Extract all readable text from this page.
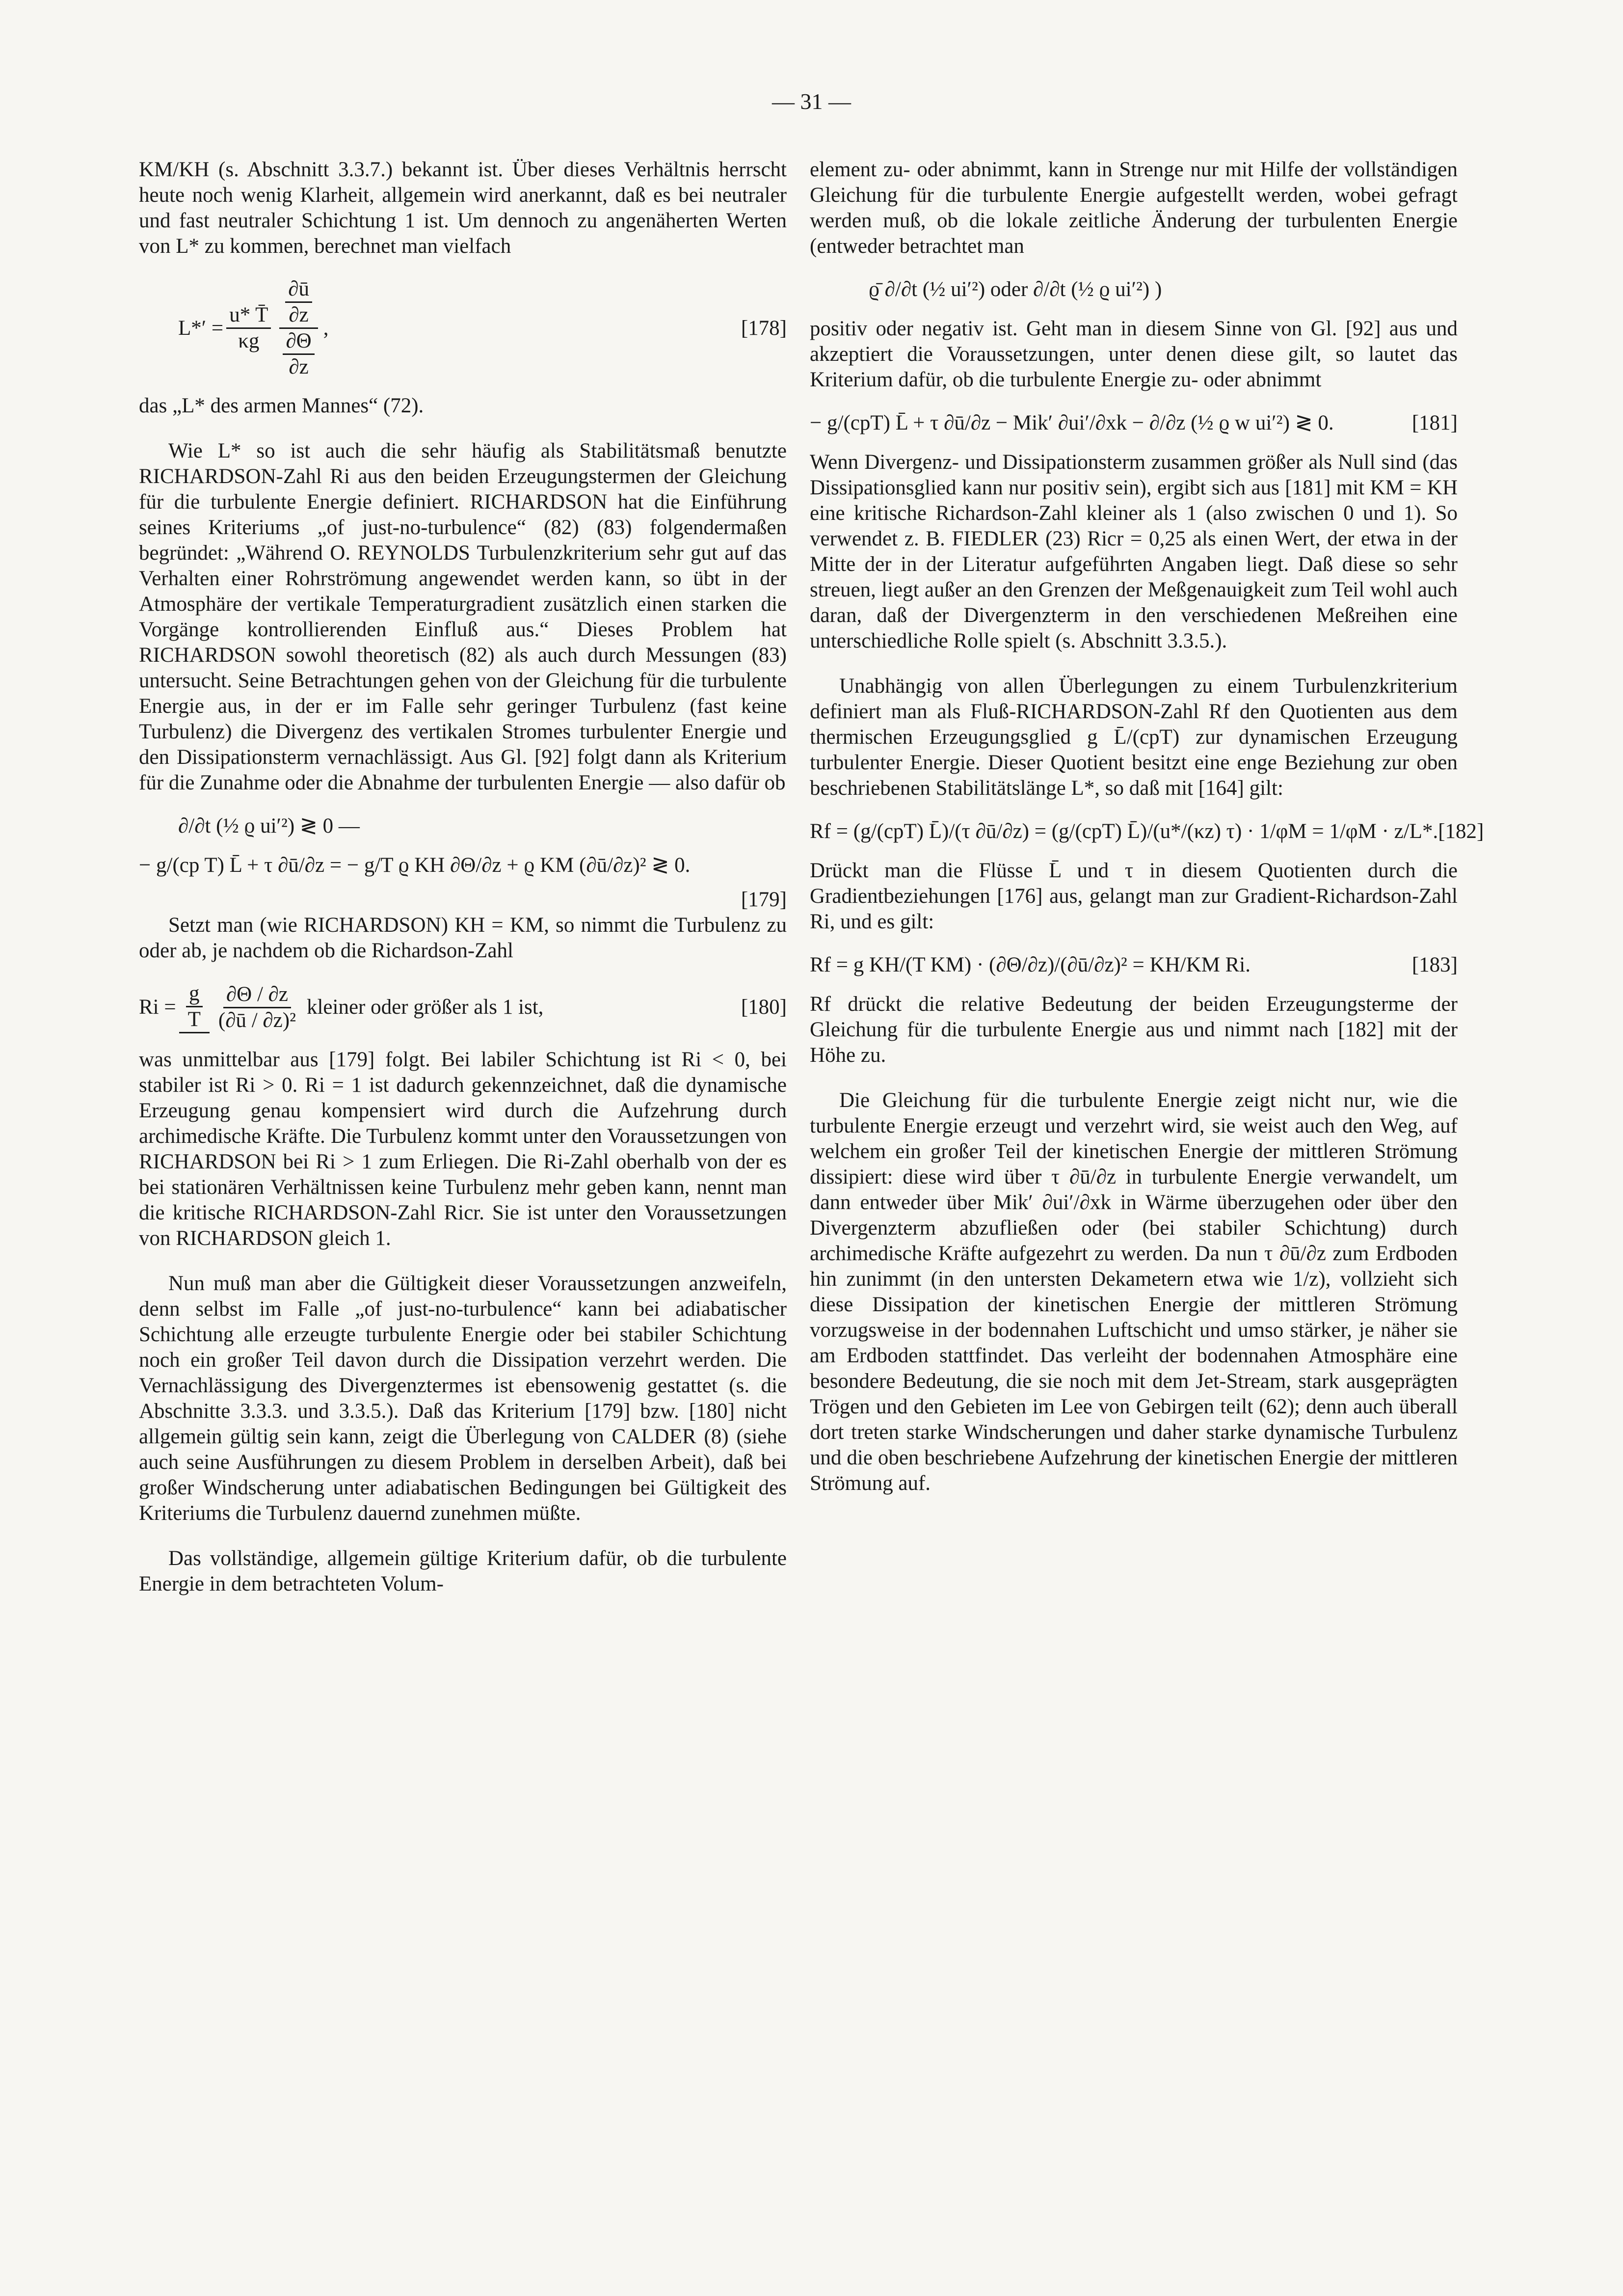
— 31 —

KM/KH (s. Abschnitt 3.3.7.) bekannt ist. Über dieses Verhältnis herrscht heute noch wenig Klarheit, allgemein wird anerkannt, daß es bei neutraler und fast neutraler Schichtung 1 ist. Um dennoch zu angenäherten Werten von L* zu kommen, berechnet man vielfach

$L*' = \frac{u* T̄}{\kappa g} \frac{\frac{\partial ū}{\partial z}}{\frac{\partial\Theta}{\partial z}}$ ,	[178]

das „L* des armen Mannes“ (72).

Wie L* so ist auch die sehr häufig als Stabilitätsmaß benutzte RICHARDSON-Zahl Ri aus den beiden Erzeugungstermen der Gleichung für die turbulente Energie definiert. RICHARDSON hat die Einführung seines Kriteriums „of just-no-turbulence“ (82) (83) folgendermaßen begründet: „Während O. REYNOLDS Turbulenzkriterium sehr gut auf das Verhalten einer Rohrströmung angewendet werden kann, so übt in der Atmosphäre der vertikale Temperaturgradient zusätzlich einen starken die Vorgänge kontrollierenden Einfluß aus.“ Dieses Problem hat RICHARDSON sowohl theoretisch (82) als auch durch Messungen (83) untersucht. Seine Betrachtungen gehen von der Gleichung für die turbulente Energie aus, in der er im Falle sehr geringer Turbulenz (fast keine Turbulenz) die Divergenz des vertikalen Stromes turbulenter Energie und den Dissipationsterm vernachlässigt. Aus Gl. [92] folgt dann als Kriterium für die Zunahme oder die Abnahme der turbulenten Energie — also dafür ob

∂/∂t (½ ϱ ui′²) ≷ 0 —
− g/(cp T) L̄ + τ ∂ū/∂z = − g/T ϱ KH ∂Θ/∂z + ϱ KM (∂ū/∂z)² ≷ 0.
[179]

Setzt man (wie RICHARDSON) KH = KM, so nimmt die Turbulenz zu oder ab, je nachdem ob die Richardson-Zahl

$Ri = \frac{g}{T} \frac{\partial\Theta / \partial z}{\text{(∂ū / ∂z)²}}$ kleiner oder größer als 1 ist,	[180]

was unmittelbar aus [179] folgt. Bei labiler Schichtung ist Ri < 0, bei stabiler ist Ri > 0. Ri = 1 ist dadurch gekennzeichnet, daß die dynamische Erzeugung genau kompensiert wird durch die Aufzehrung durch archimedische Kräfte. Die Turbulenz kommt unter den Voraussetzungen von RICHARDSON bei Ri > 1 zum Erliegen. Die Ri-Zahl oberhalb von der es bei stationären Verhältnissen keine Turbulenz mehr geben kann, nennt man die kritische RICHARDSON-Zahl Ricr. Sie ist unter den Voraussetzungen von RICHARDSON gleich 1.

Nun muß man aber die Gültigkeit dieser Voraussetzungen anzweifeln, denn selbst im Falle „of just-no-turbulence“ kann bei adiabatischer Schichtung alle erzeugte turbulente Energie oder bei stabiler Schichtung noch ein großer Teil davon durch die Dissipation verzehrt werden. Die Vernachlässigung des Divergenztermes ist ebensowenig gestattet (s. die Abschnitte 3.3.3. und 3.3.5.). Daß das Kriterium [179] bzw. [180] nicht allgemein gültig sein kann, zeigt die Überlegung von CALDER (8) (siehe auch seine Ausführungen zu diesem Problem in derselben Arbeit), daß bei großer Windscherung unter adiabatischen Bedingungen bei Gültigkeit des Kriteriums die Turbulenz dauernd zunehmen müßte.

Das vollständige, allgemein gültige Kriterium dafür, ob die turbulente Energie in dem betrachteten Volum-

element zu- oder abnimmt, kann in Strenge nur mit Hilfe der vollständigen Gleichung für die turbulente Energie aufgestellt werden, wobei gefragt werden muß, ob die lokale zeitliche Änderung der turbulenten Energie (entweder betrachtet man

ϱ̄ ∂/∂t (½ ui′²) oder ∂/∂t (½ ϱ ui′²) )

positiv oder negativ ist. Geht man in diesem Sinne von Gl. [92] aus und akzeptiert die Voraussetzungen, unter denen diese gilt, so lautet das Kriterium dafür, ob die turbulente Energie zu- oder abnimmt

− g/(cpT) L̄ + τ ∂ū/∂z − Mik′ ∂ui′/∂xk − ∂/∂z (½ ϱ w ui′²) ≷ 0.	[181]

Wenn Divergenz- und Dissipationsterm zusammen größer als Null sind (das Dissipationsglied kann nur positiv sein), ergibt sich aus [181] mit KM = KH eine kritische Richardson-Zahl kleiner als 1 (also zwischen 0 und 1). So verwendet z. B. FIEDLER (23) Ricr = 0,25 als einen Wert, der etwa in der Mitte der in der Literatur aufgeführten Angaben liegt. Daß diese so sehr streuen, liegt außer an den Grenzen der Meßgenauigkeit zum Teil wohl auch daran, daß der Divergenzterm in den verschiedenen Meßreihen eine unterschiedliche Rolle spielt (s. Abschnitt 3.3.5.).

Unabhängig von allen Überlegungen zu einem Turbulenzkriterium definiert man als Fluß-RICHARDSON-Zahl Rf den Quotienten aus dem thermischen Erzeugungsglied g L̄/(cpT) zur dynamischen Erzeugung turbulenter Energie. Dieser Quotient besitzt eine enge Beziehung zur oben beschriebenen Stabilitätslänge L*, so daß mit [164] gilt:

Rf = (g/(cpT) L̄)/(τ ∂ū/∂z) = (g/(cpT) L̄)/(u*/(κz) τ) · 1/φM = 1/φM · z/L*. [182]

Drückt man die Flüsse L̄ und τ in diesem Quotienten durch die Gradientbeziehungen [176] aus, gelangt man zur Gradient-Richardson-Zahl Ri, und es gilt:

Rf = g KH/(T KM) · (∂Θ/∂z)/(∂ū/∂z)² = KH/KM Ri.	[183]

Rf drückt die relative Bedeutung der beiden Erzeugungsterme der Gleichung für die turbulente Energie aus und nimmt nach [182] mit der Höhe zu.

Die Gleichung für die turbulente Energie zeigt nicht nur, wie die turbulente Energie erzeugt und verzehrt wird, sie weist auch den Weg, auf welchem ein großer Teil der kinetischen Energie der mittleren Strömung dissipiert: diese wird über τ ∂ū/∂z in turbulente Energie verwandelt, um dann entweder über Mik′ ∂ui′/∂xk in Wärme überzugehen oder über den Divergenzterm abzufließen oder (bei stabiler Schichtung) durch archimedische Kräfte aufgezehrt zu werden. Da nun τ ∂ū/∂z zum Erdboden hin zunimmt (in den untersten Dekametern etwa wie 1/z), vollzieht sich diese Dissipation der kinetischen Energie der mittleren Strömung vorzugsweise in der bodennahen Luftschicht und umso stärker, je näher sie am Erdboden stattfindet. Das verleiht der bodennahen Atmosphäre eine besondere Bedeutung, die sie noch mit dem Jet-Stream, stark ausgeprägten Trögen und den Gebieten im Lee von Gebirgen teilt (62); denn auch überall dort treten starke Windscherungen und daher starke dynamische Turbulenz und die oben beschriebene Aufzehrung der kinetischen Energie der mittleren Strömung auf.
